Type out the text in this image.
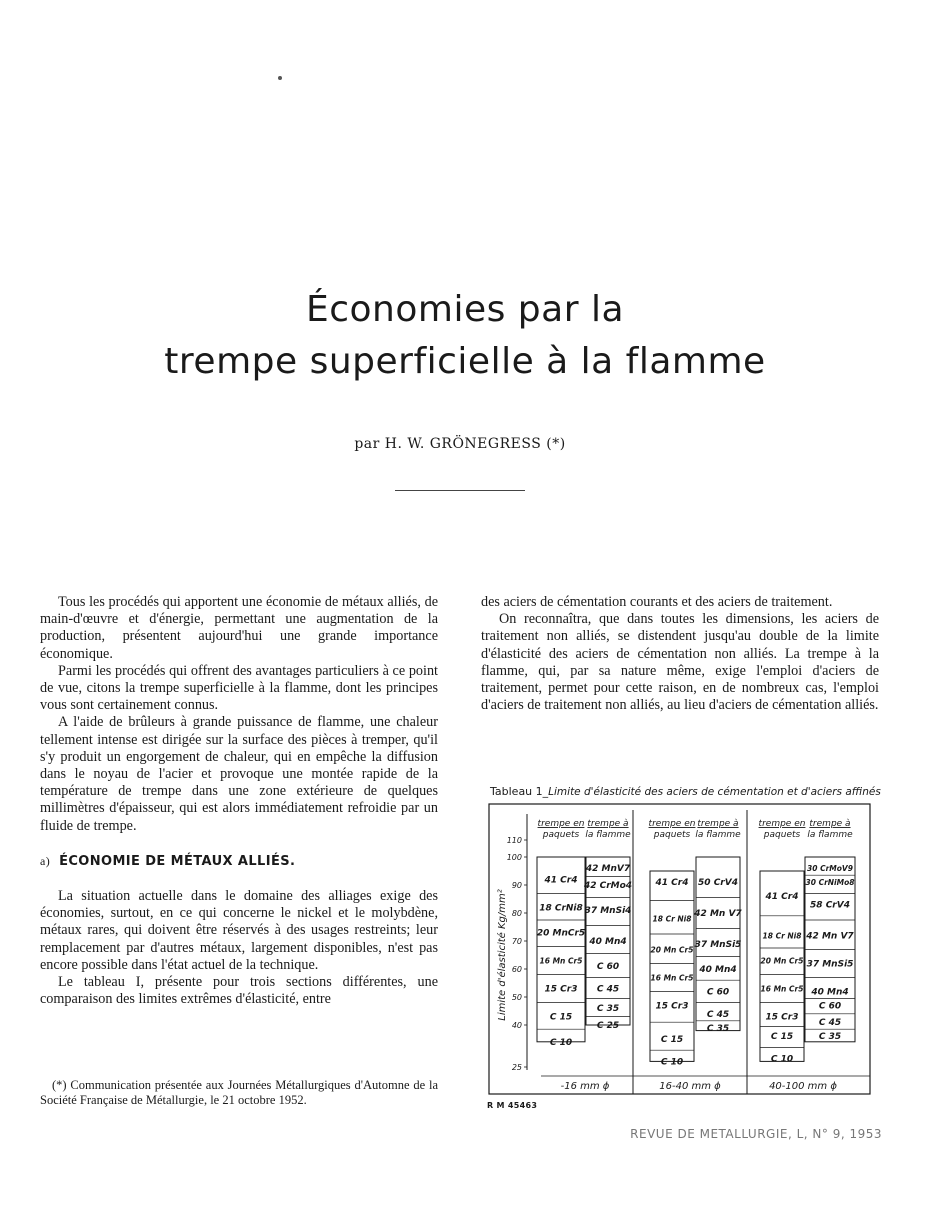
Économies par la
trempe superficielle à la flamme
par H. W. GRÖNEGRESS (*)

Tous les procédés qui apportent une économie de métaux alliés, de main-d'œuvre et d'énergie, permettant une augmentation de la production, présentent aujourd'hui une grande importance économique.

Parmi les procédés qui offrent des avantages particuliers à ce point de vue, citons la trempe superficielle à la flamme, dont les principes vous sont certainement connus.

A l'aide de brûleurs à grande puissance de flamme, une chaleur tellement intense est dirigée sur la surface des pièces à tremper, qu'il s'y produit un engorgement de chaleur, qui en empêche la diffusion dans le noyau de l'acier et provoque une montée rapide de la température de trempe dans une zone extérieure de quelques millimètres d'épaisseur, qui est alors immédiatement refroidie par un fluide de trempe.

a) ÉCONOMIE DE MÉTAUX ALLIÉS.

La situation actuelle dans le domaine des alliages exige des économies, surtout, en ce qui concerne le nickel et le molybdène, métaux rares, qui doivent être réservés à des usages restreints; leur remplacement par d'autres métaux, largement disponibles, n'est pas encore possible dans l'état actuel de la technique.

Le tableau I, présente pour trois sections différentes, une comparaison des limites extrêmes d'élasticité, entre

(*) Communication présentée aux Journées Métallurgiques d'Automne de la Société Française de Métallurgie, le 21 octobre 1952.

des aciers de cémentation courants et des aciers de traitement.

On reconnaîtra, que dans toutes les dimensions, les aciers de traitement non alliés, se distendent jusqu'au double de la limite d'élasticité des aciers de cémentation non alliés. La trempe à la flamme, qui, par sa nature même, exige l'emploi d'aciers de traitement, permet pour cette raison, en de nombreux cas, l'emploi d'aciers de traitement non alliés, au lieu d'aciers de cémentation alliés.

Tableau 1_Limite d'élasticité des aciers de cémentation et d'aciers affinés
25
40
50
60
70
80
90
100
110
Limite d'élasticité Kg/mm²
trempe en
paquets
41 Cr4
18 CrNi8
20 MnCr5
16 Mn Cr5
15 Cr3
C 15
C 10
trempe à
la flamme
42 MnV7
42 CrMo4
37 MnSi4
40 Mn4
C 60
C 45
C 35
C 25
-16 mm ϕ
trempe en
paquets
41 Cr4
18 Cr Ni8
20 Mn Cr5
16 Mn Cr5
15 Cr3
C 15
C 10
trempe à
la flamme
50 CrV4
42 Mn V7
37 MnSi5
40 Mn4
C 60
C 45
C 35
16-40 mm ϕ
trempe en
paquets
41 Cr4
18 Cr Ni8
20 Mn Cr5
16 Mn Cr5
15 Cr3
C 15
C 10
trempe à
la flamme
30 CrMoV9
30 CrNiMo8
58 CrV4
42 Mn V7
37 MnSi5
40 Mn4
C 60
C 45
C 35
40-100 mm ϕ
R M 45463
REVUE DE METALLURGIE, L, N° 9, 1953
